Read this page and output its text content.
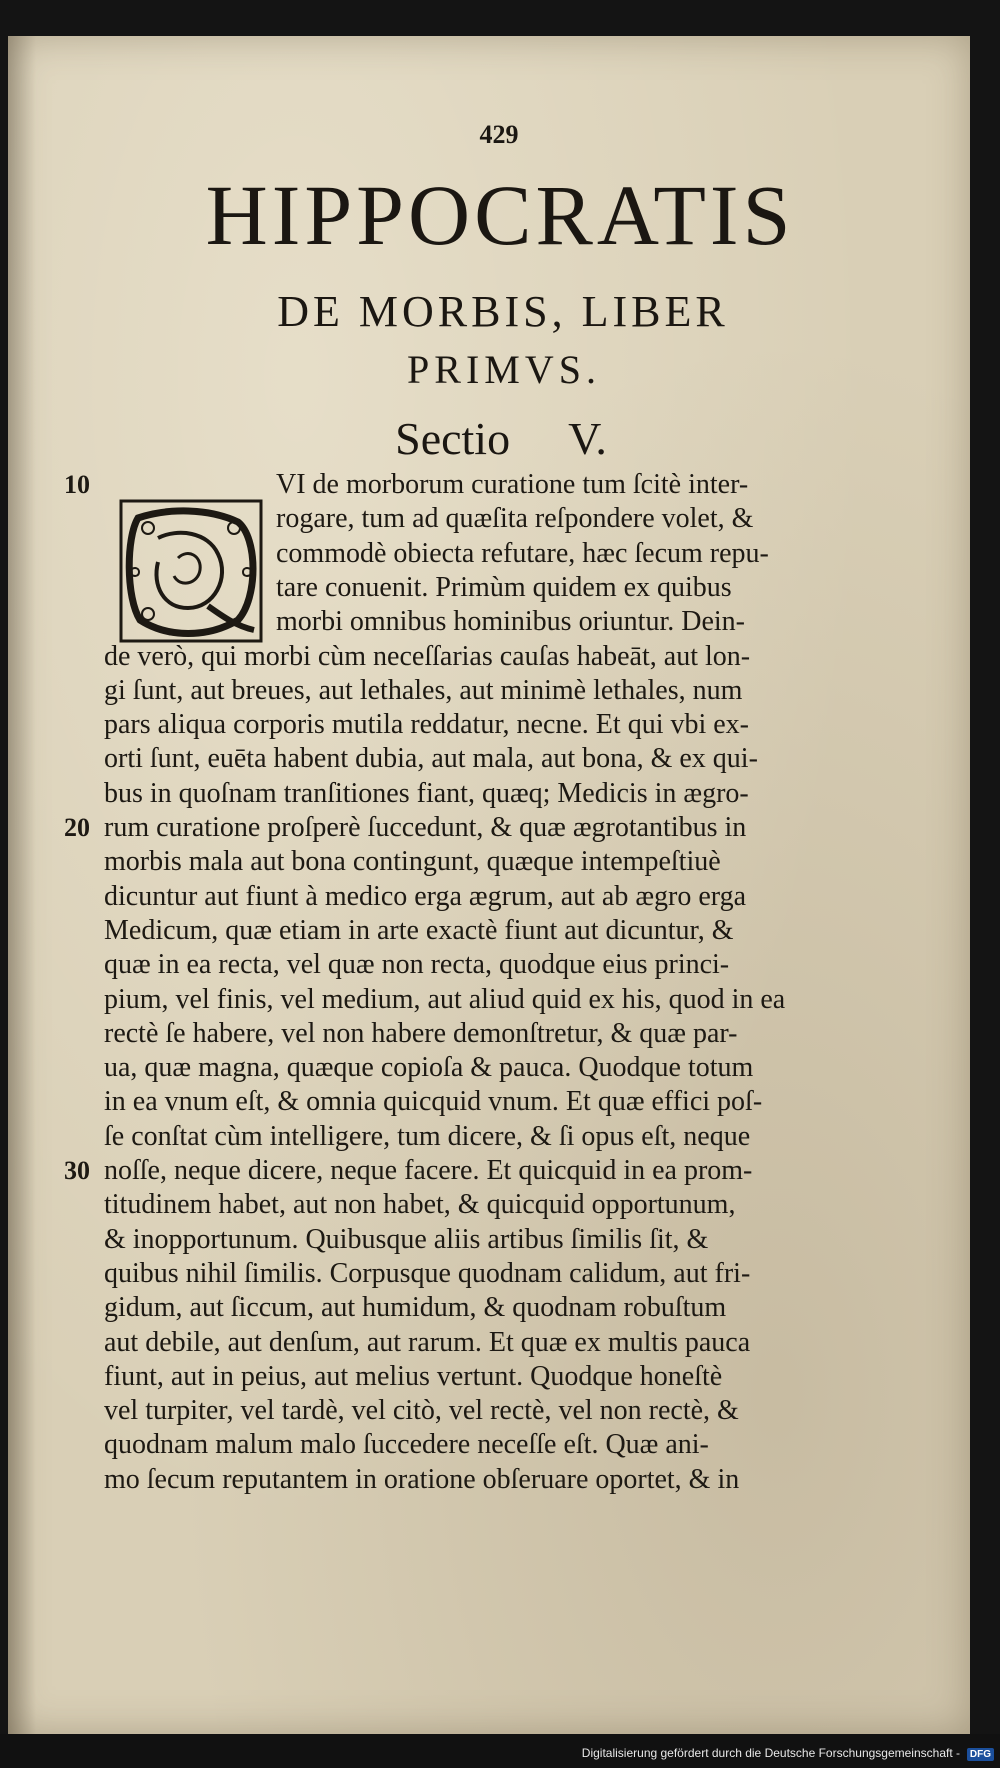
429
HIPPOCRATIS
DE MORBIS, LIBER
PRIMVS.
Sectio V.
VI de morborum curatione tum ſcitè inter-
rogare, tum ad quæſita reſpondere volet, &
commodè obiecta refutare, hæc ſecum repu-
tare conuenit. Primùm quidem ex quibus
morbi omnibus hominibus oriuntur. Dein-
de verò, qui morbi cùm neceſſarias cauſas habeāt, aut lon-
gi ſunt, aut breues, aut lethales, aut minimè lethales, num
pars aliqua corporis mutila reddatur, necne. Et qui vbi ex-
orti ſunt, euēta habent dubia, aut mala, aut bona, & ex qui-
bus in quoſnam tranſitiones fiant, quæq; Medicis in ægro-
rum curatione proſperè ſuccedunt, & quæ ægrotantibus in
morbis mala aut bona contingunt, quæque intempeſtiuè
dicuntur aut fiunt à medico erga ægrum, aut ab ægro erga
Medicum, quæ etiam in arte exactè fiunt aut dicuntur, &
quæ in ea recta, vel quæ non recta, quodque eius princi-
pium, vel finis, vel medium, aut aliud quid ex his, quod in ea
rectè ſe habere, vel non habere demonſtretur, & quæ par-
ua, quæ magna, quæque copioſa & pauca. Quodque totum
in ea vnum eſt, & omnia quicquid vnum. Et quæ effici poſ-
ſe conſtat cùm intelligere, tum dicere, & ſi opus eſt, neque
noſſe, neque dicere, neque facere. Et quicquid in ea prom-
titudinem habet, aut non habet, & quicquid opportunum,
& inopportunum. Quibusque aliis artibus ſimilis ſit, &
quibus nihil ſimilis. Corpusque quodnam calidum, aut fri-
gidum, aut ſiccum, aut humidum, & quodnam robuſtum
aut debile, aut denſum, aut rarum. Et quæ ex multis pauca
fiunt, aut in peius, aut melius vertunt. Quodque honeſtè
vel turpiter, vel tardè, vel citò, vel rectè, vel non rectè, &
quodnam malum malo ſuccedere neceſſe eſt. Quæ ani-
mo ſecum reputantem in oratione obſeruare oportet, & in
10
20
30
Digitalisierung gefördert durch die Deutsche Forschungsgemeinschaft - DFG
